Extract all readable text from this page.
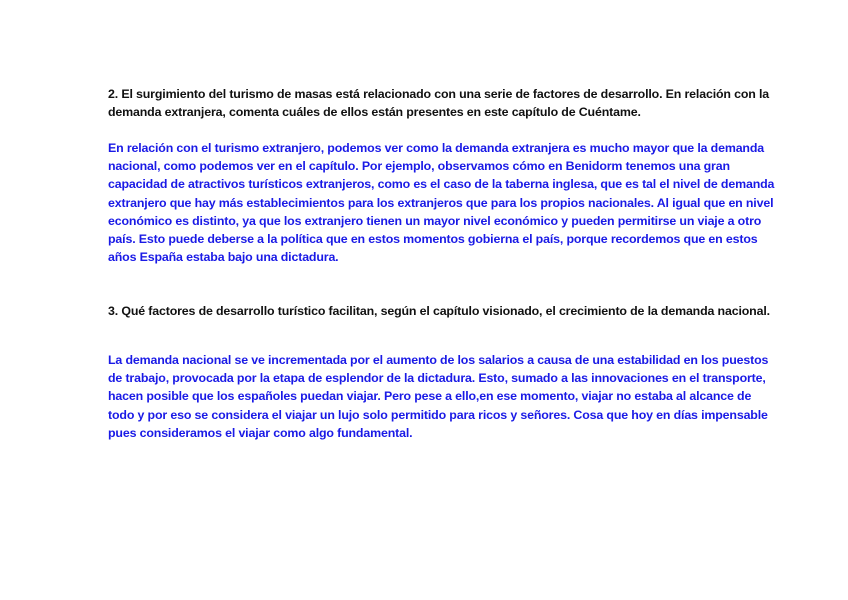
2. El surgimiento del turismo de masas está relacionado con una serie de factores de desarrollo. En relación con la demanda extranjera, comenta cuáles de ellos están presentes en este capítulo de Cuéntame.

En relación con el turismo extranjero, podemos ver como la demanda extranjera es mucho mayor que la demanda nacional, como podemos ver en el capítulo. Por ejemplo, observamos cómo en Benidorm tenemos una gran capacidad de atractivos turísticos extranjeros, como es el caso de la taberna inglesa, que es tal el nivel de demanda extranjero que hay más establecimientos para los extranjeros que para los propios nacionales. Al igual que en nivel económico es distinto, ya que los extranjero tienen un mayor nivel económico y pueden permitirse un viaje a otro país. Esto puede deberse a la política que en estos momentos gobierna el país, porque recordemos que en estos años España estaba bajo una dictadura.

3. Qué factores de desarrollo turístico facilitan, según el capítulo visionado, el crecimiento de la demanda nacional.

La demanda nacional se ve incrementada por el aumento de los salarios a causa de una estabilidad en los puestos de trabajo, provocada por la etapa de esplendor de la dictadura. Esto, sumado a las innovaciones en el transporte, hacen posible que los españoles puedan viajar. Pero pese a ello,en ese momento, viajar no estaba al alcance de todo y por eso se considera el viajar un lujo solo permitido para ricos y señores. Cosa que hoy en días impensable pues consideramos el viajar como algo fundamental.
